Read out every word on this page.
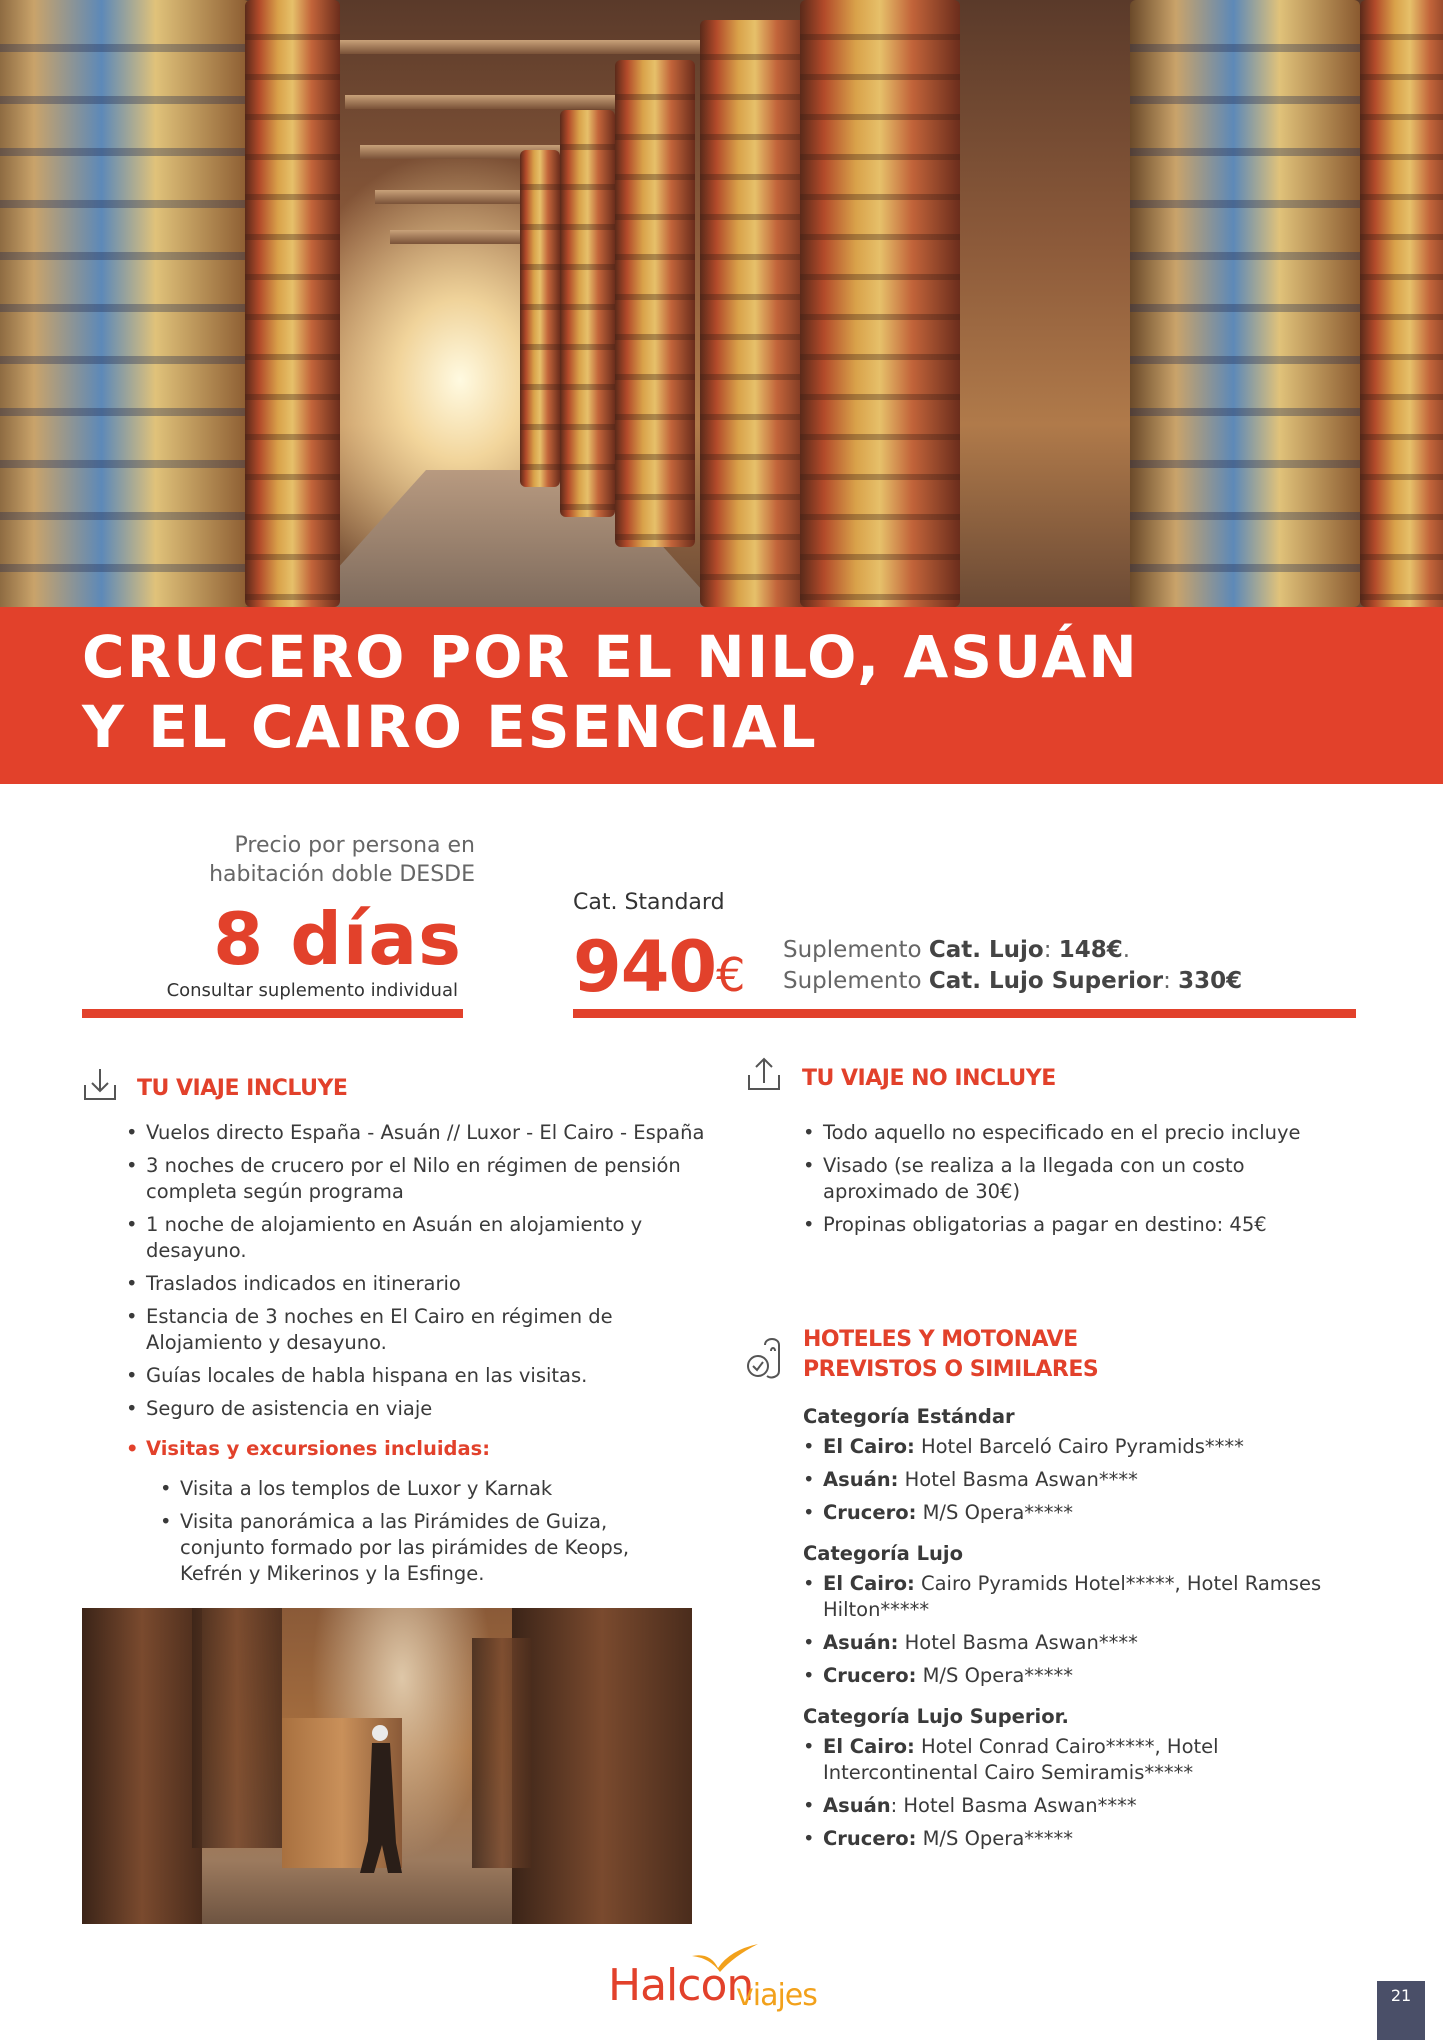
CRUCERO POR EL NILO, ASUÁN
Y EL CAIRO ESENCIAL
Precio por persona en
habitación doble DESDE
8 días
Consultar suplemento individual
Cat. Standard
940€ Suplemento Cat. Lujo: 148€.
Suplemento Cat. Lujo Superior: 330€
TU VIAJE INCLUYE
• Vuelos directo España - Asuán // Luxor - El Cairo - España
• 3 noches de crucero por el Nilo en régimen de pensión completa según programa
• 1 noche de alojamiento en Asuán en alojamiento y desayuno.
• Traslados indicados en itinerario
• Estancia de 3 noches en El Cairo en régimen de Alojamiento y desayuno.
• Guías locales de habla hispana en las visitas.
• Seguro de asistencia en viaje
• Visitas y excursiones incluidas:
• Visita a los templos de Luxor y Karnak
• Visita panorámica a las Pirámides de Guiza, conjunto formado por las pirámides de Keops, Kefrén y Mikerinos y la Esfinge.
TU VIAJE NO INCLUYE
• Todo aquello no especificado en el precio incluye
• Visado (se realiza a la llegada con un costo aproximado de 30€)
• Propinas obligatorias a pagar en destino: 45€
HOTELES Y MOTONAVE
PREVISTOS O SIMILARES
Categoría Estándar
• El Cairo: Hotel Barceló Cairo Pyramids****
• Asuán: Hotel Basma Aswan****
• Crucero: M/S Opera*****
Categoría Lujo
• El Cairo: Cairo Pyramids Hotel*****, Hotel Ramses Hilton*****
• Asuán: Hotel Basma Aswan****
• Crucero: M/S Opera*****
Categoría Lujo Superior.
• El Cairo: Hotel Conrad Cairo*****, Hotel Intercontinental Cairo Semiramis*****
• Asuán: Hotel Basma Aswan****
• Crucero: M/S Opera*****
Halcon
viajes	21
